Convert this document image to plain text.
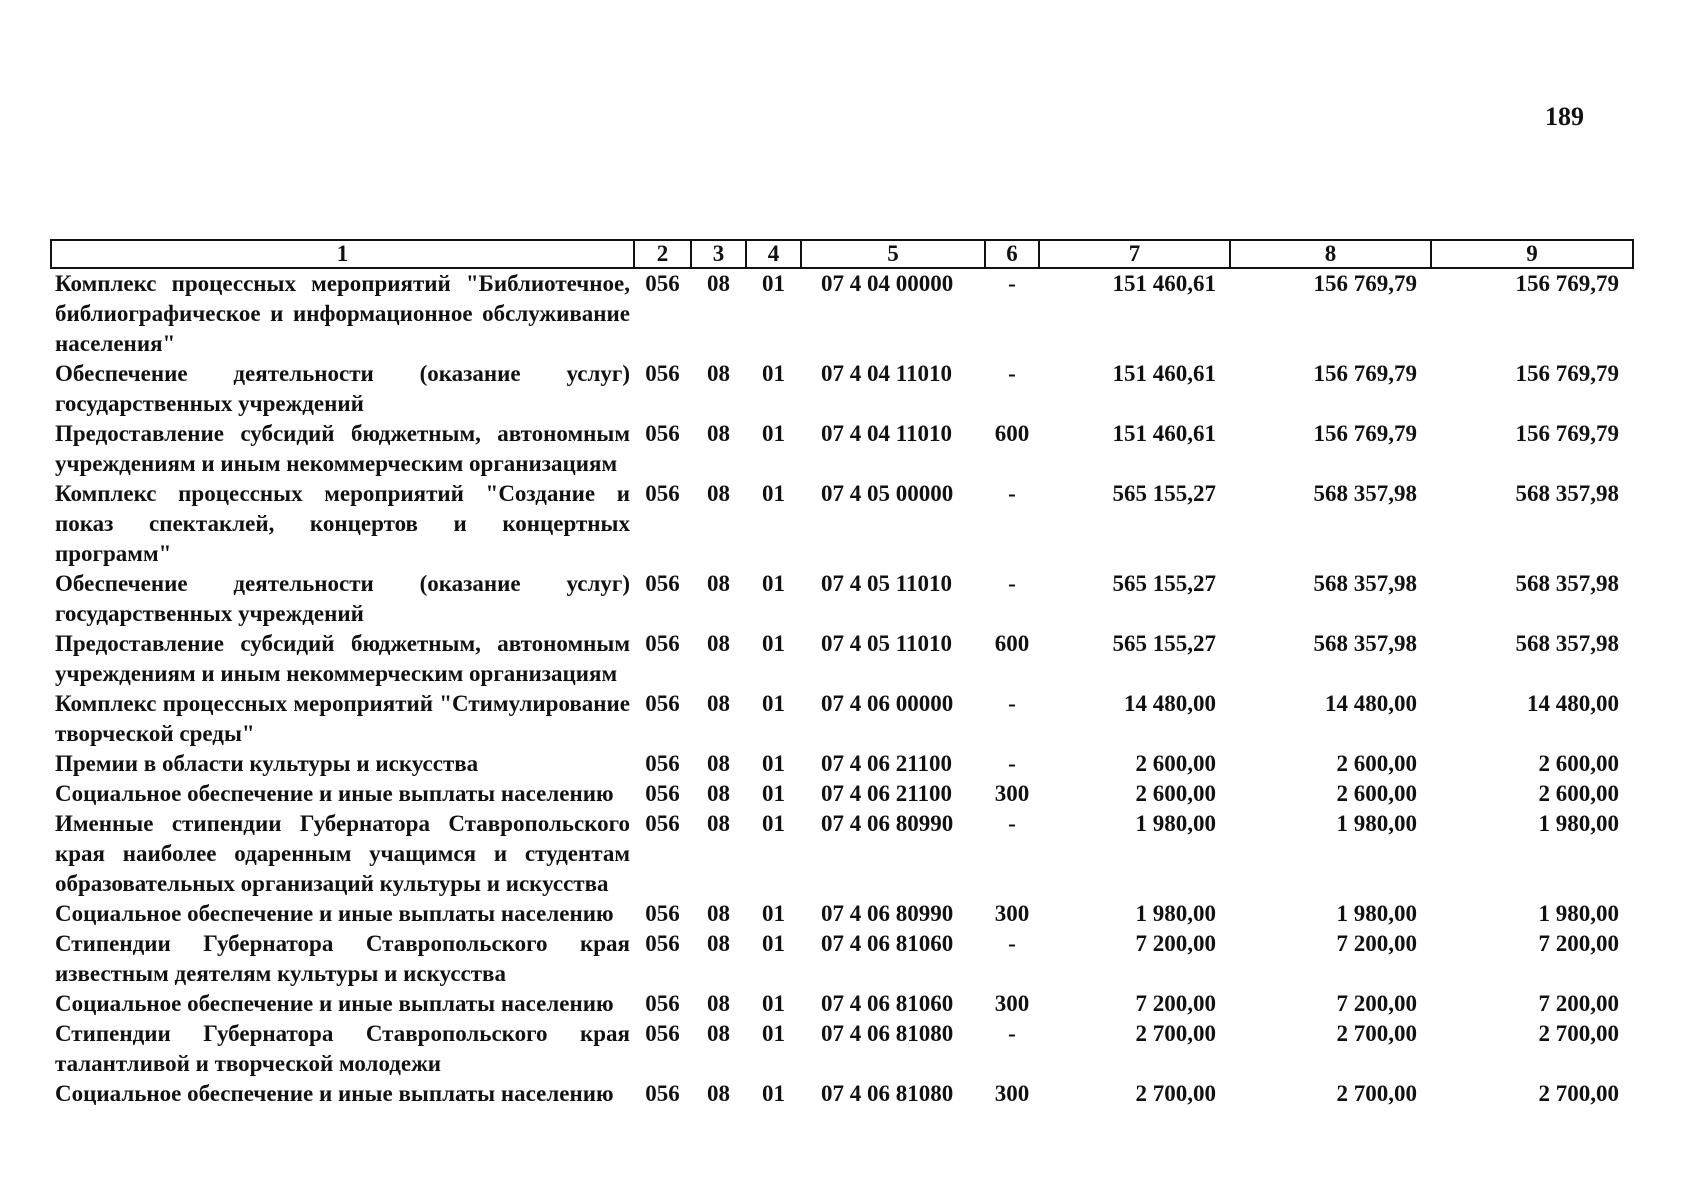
189
1	2	3	4	5	6	7	8	9
Комплекс процессных мероприятий "Библиотечное, библиографическое и информационное обслуживание населения"	056	08	01	07 4 04 00000	-	151 460,61	156 769,79	156 769,79
Обеспечение деятельности (оказание услуг) государственных учреждений	056	08	01	07 4 04 11010	-	151 460,61	156 769,79	156 769,79
Предоставление субсидий бюджетным, автономным учреждениям и иным некоммерческим организациям	056	08	01	07 4 04 11010	600	151 460,61	156 769,79	156 769,79
Комплекс процессных мероприятий "Создание и показ спектаклей, концертов и концертных программ"	056	08	01	07 4 05 00000	-	565 155,27	568 357,98	568 357,98
Обеспечение деятельности (оказание услуг) государственных учреждений	056	08	01	07 4 05 11010	-	565 155,27	568 357,98	568 357,98
Предоставление субсидий бюджетным, автономным учреждениям и иным некоммерческим организациям	056	08	01	07 4 05 11010	600	565 155,27	568 357,98	568 357,98
Комплекс процессных мероприятий "Стимулирование творческой среды"	056	08	01	07 4 06 00000	-	14 480,00	14 480,00	14 480,00
Премии в области культуры и искусства	056	08	01	07 4 06 21100	-	2 600,00	2 600,00	2 600,00
Социальное обеспечение и иные выплаты населению	056	08	01	07 4 06 21100	300	2 600,00	2 600,00	2 600,00
Именные стипендии Губернатора Ставропольского края наиболее одаренным учащимся и студентам образовательных организаций культуры и искусства	056	08	01	07 4 06 80990	-	1 980,00	1 980,00	1 980,00
Социальное обеспечение и иные выплаты населению	056	08	01	07 4 06 80990	300	1 980,00	1 980,00	1 980,00
Стипендии Губернатора Ставропольского края известным деятелям культуры и искусства	056	08	01	07 4 06 81060	-	7 200,00	7 200,00	7 200,00
Социальное обеспечение и иные выплаты населению	056	08	01	07 4 06 81060	300	7 200,00	7 200,00	7 200,00
Стипендии Губернатора Ставропольского края талантливой и творческой молодежи	056	08	01	07 4 06 81080	-	2 700,00	2 700,00	2 700,00
Социальное обеспечение и иные выплаты населению	056	08	01	07 4 06 81080	300	2 700,00	2 700,00	2 700,00
